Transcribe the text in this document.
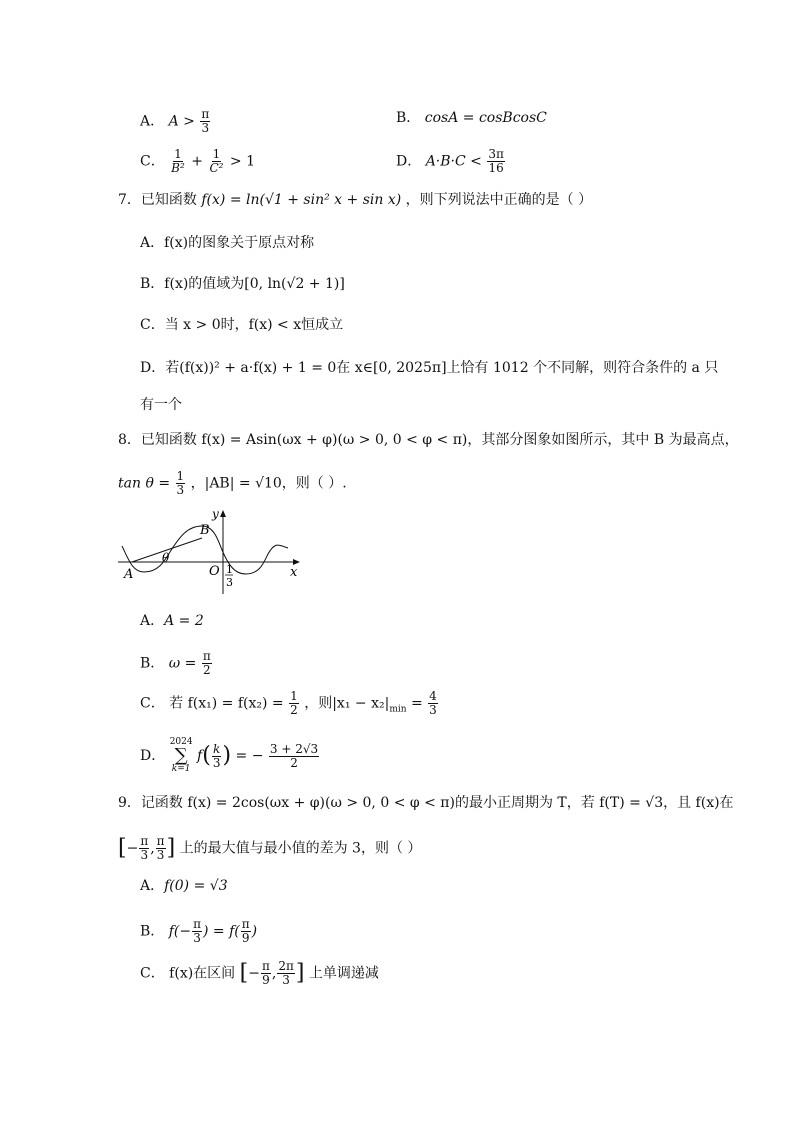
A． $A > \frac{\pi}{3}$	B． cosA = cosBcosC
C． $\frac{1}{\text{B²}} + \frac{1}{\text{C²}} > 1$	D． $A\cdot B\cdot C < \frac{3\pi}{16}$
7．已知函数 f(x) = ln(√1 + sin² x + sin x) ，则下列说法中正确的是（ ）
A．f(x)的图象关于原点对称
B．f(x)的值域为[0, ln(√2 + 1)]
C．当 x > 0时，f(x) < x恒成立
D．若(f(x))² + a·f(x) + 1 = 0在 x∈[0, 2025π]上恰有 1012 个不同解，则符合条件的 a 只
有一个
8．已知函数 f(x) = Asin(ωx + φ)(ω > 0, 0 < φ < π)，其部分图象如图所示，其中 B 为最高点，
$\tan \theta = \frac{1}{3}$ ，|AB| = √10，则（ ）.
y
x
O
A
B
θ
1
3
A．A = 2
B． $\omega = \frac{\pi}{2}$
C． 若 $f(x_1) = f(x_2) = \frac{1}{2}$ ，则$|x_1 - x_2|_{min} = \frac{4}{3}$
D．
2024
∑
k=1
$f( \frac{k}{3}$ ) = − $\frac{3 + 2√3}{2}$
9．记函数 f(x) = 2cos(ωx + φ)(ω > 0, 0 < φ < π)的最小正周期为 T，若 f(T) = √3，且 f(x)在
[− $\frac{\pi}{3}$ , $\frac{\pi}{3}$ ] 上的最大值与最小值的差为 3，则（ ）
A．f(0) = √3
B． $f(- \frac{\pi}{3}$ ) = $f( \frac{\pi}{9}$ )
C． f(x)在区间 [− $\frac{\pi}{9}$ , $\frac{2\pi}{3}$ ] 上单调递减
